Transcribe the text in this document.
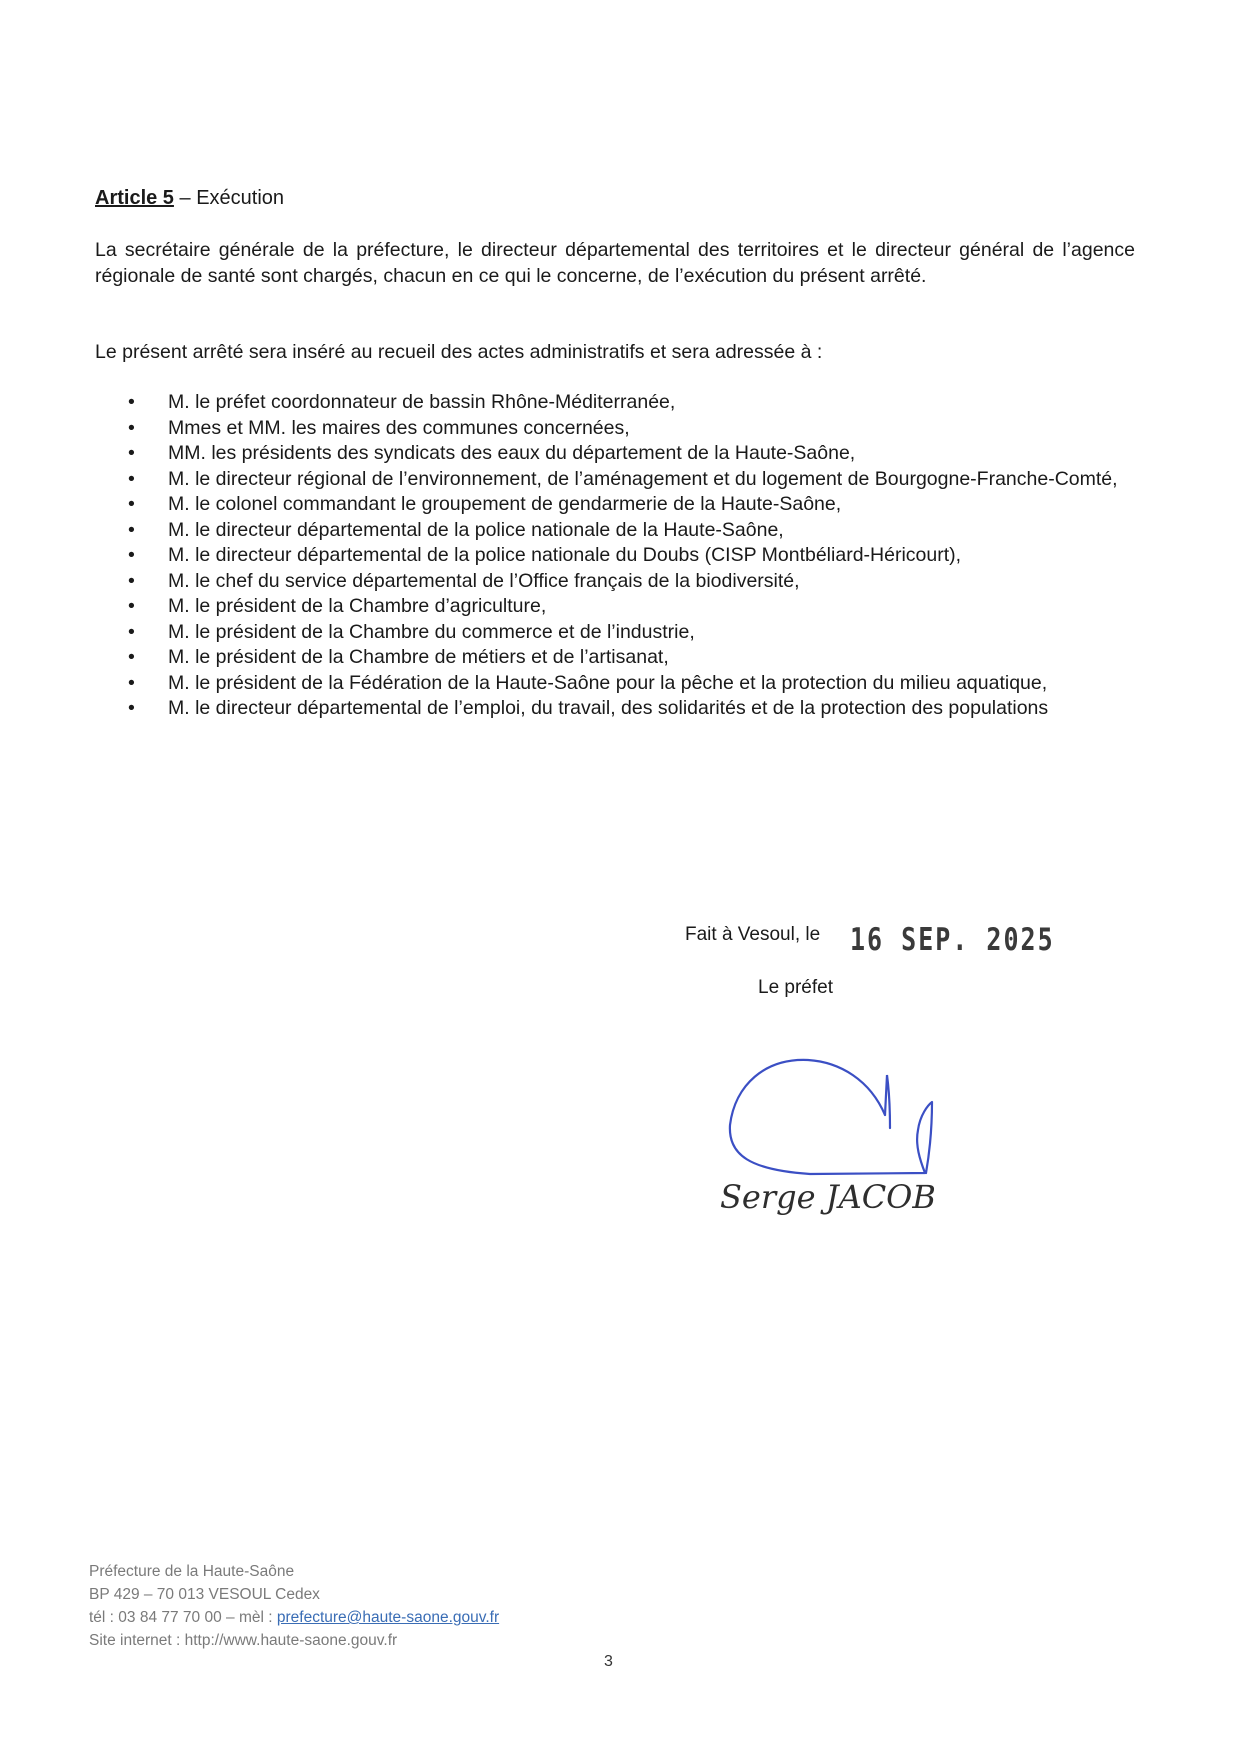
Article 5 – Exécution

La secrétaire générale de la préfecture, le directeur départemental des territoires et le directeur général de l’agence régionale de santé sont chargés, chacun en ce qui le concerne, de l’exécution du présent arrêté.

Le présent arrêté sera inséré au recueil des actes administratifs et sera adressée à :

• M. le préfet coordonnateur de bassin Rhône-Méditerranée,
• Mmes et MM. les maires des communes concernées,
• MM. les présidents des syndicats des eaux du département de la Haute-Saône,
• M. le directeur régional de l’environnement, de l’aménagement et du logement de Bourgogne-Franche-Comté,
• M. le colonel commandant le groupement de gendarmerie de la Haute-Saône,
• M. le directeur départemental de la police nationale de la Haute-Saône,
• M. le directeur départemental de la police nationale du Doubs (CISP Montbéliard-Héricourt),
• M. le chef du service départemental de l’Office français de la biodiversité,
• M. le président de la Chambre d’agriculture,
• M. le président de la Chambre du commerce et de l’industrie,
• M. le président de la Chambre de métiers et de l’artisanat,
• M. le président de la Fédération de la Haute-Saône pour la pêche et la protection du milieu aquatique,
• M. le directeur départemental de l’emploi, du travail, des solidarités et de la protection des populations
Fait à Vesoul, le 16 SEP. 2025
Le préfet
Serge JACOB
Préfecture de la Haute-Saône
BP 429 – 70 013 VESOUL Cedex
tél : 03 84 77 70 00 – mèl : prefecture@haute-saone.gouv.fr
Site internet : http://www.haute-saone.gouv.fr
3
